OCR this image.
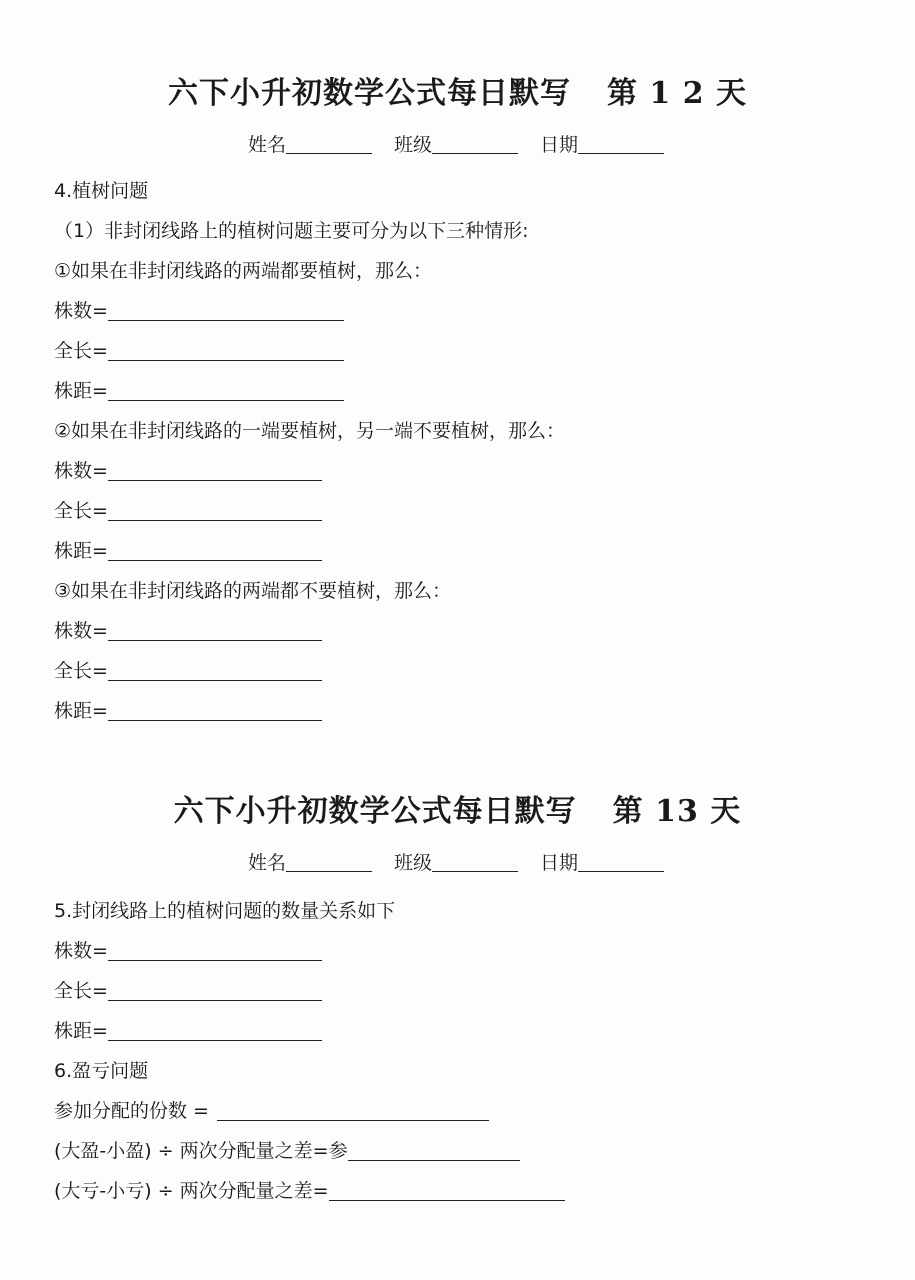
六下小升初数学公式每日默写 第 1 2 天
姓名	班级	日期
4.植树问题
（1）非封闭线路上的植树问题主要可分为以下三种情形:
①如果在非封闭线路的两端都要植树，那么：
株数=
全长=
株距=
②如果在非封闭线路的一端要植树，另一端不要植树，那么：
株数=
全长=
株距=
③如果在非封闭线路的两端都不要植树，那么：
株数=
全长=
株距=
六下小升初数学公式每日默写 第 13 天
姓名	班级	日期
5.封闭线路上的植树问题的数量关系如下
株数=
全长=
株距=
6.盈亏问题
参加分配的份数 =
(大盈-小盈) ÷ 两次分配量之差=参
(大亏-小亏) ÷ 两次分配量之差=
